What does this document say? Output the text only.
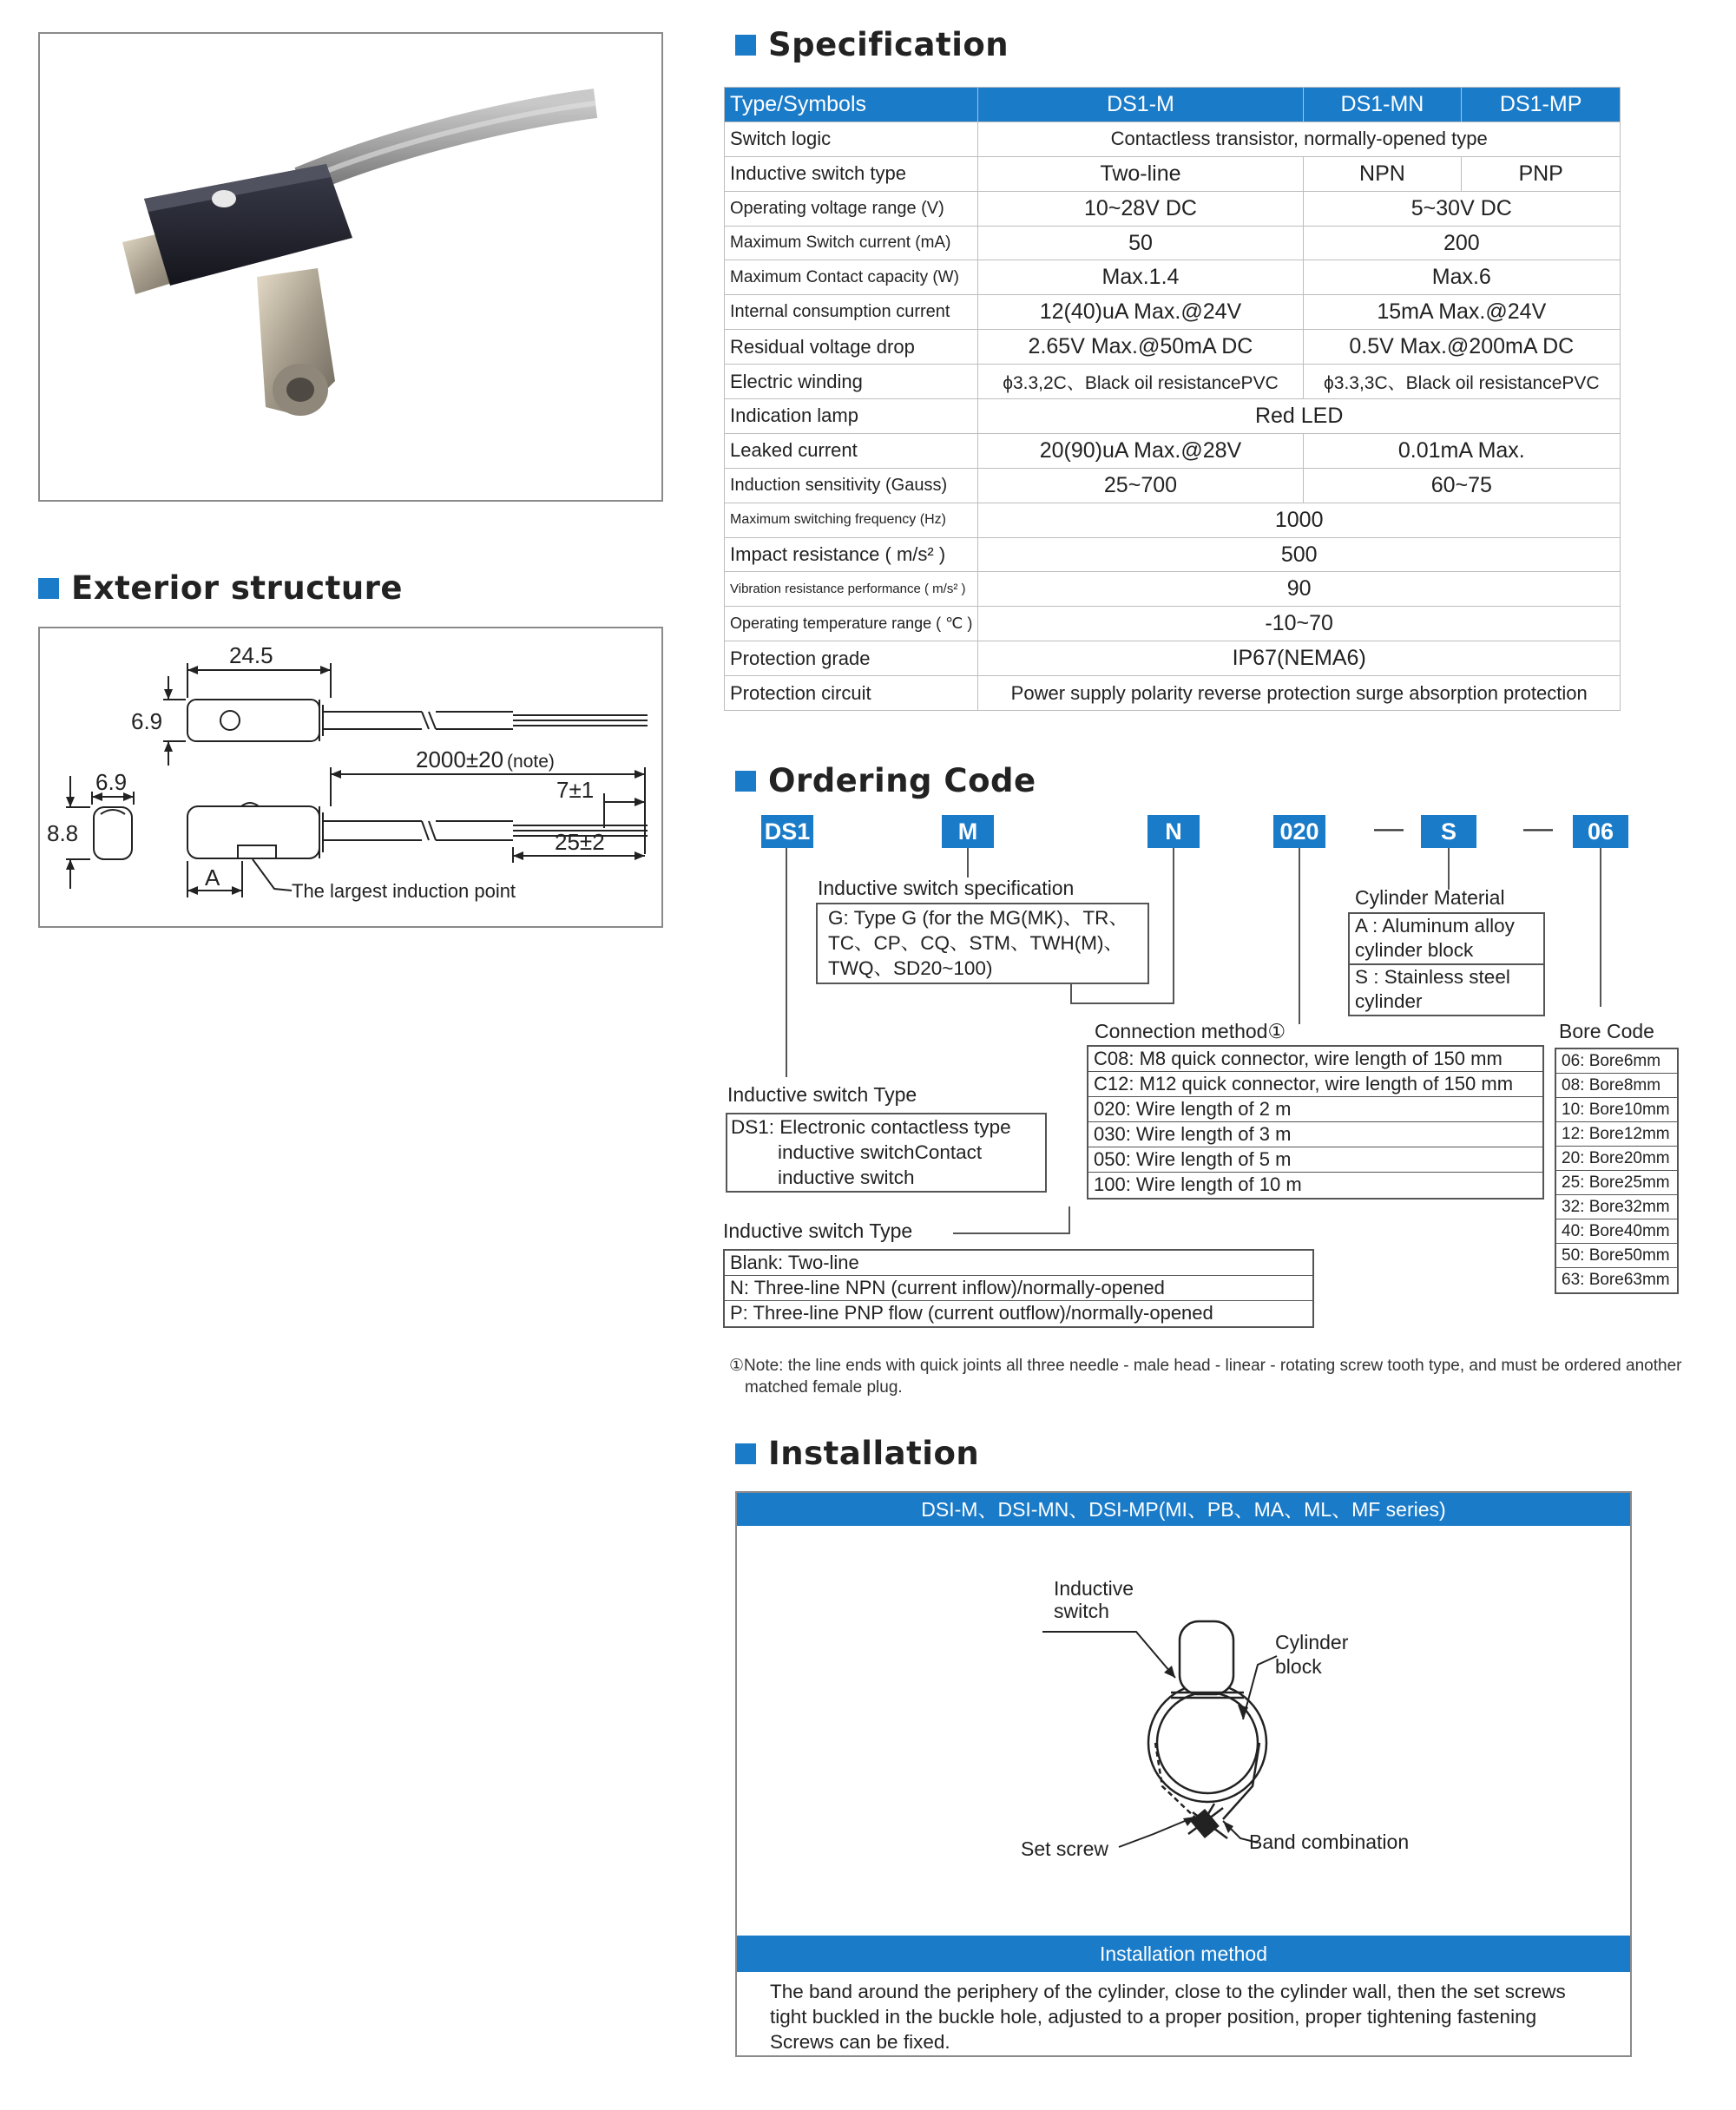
Exterior structure
24.5
6.9
6.9
8.8
2000±20 (note)
7±1
25±2
A
The largest induction point
Specification
Type/Symbols	DS1-M	DS1-MN	DS1-MP
Switch logic	Contactless transistor, normally-opened type		
Inductive switch type	Two-line	NPN	PNP
Operating voltage range (V)	10~28V DC	5~30V DC	
Maximum Switch current (mA)	50	200	
Maximum Contact capacity (W)	Max.1.4	Max.6	
Internal consumption current	12(40)uA Max.@24V	15mA Max.@24V	
Residual voltage drop	2.65V Max.@50mA DC	0.5V Max.@200mA DC	
Electric winding	ϕ3.3,2C、Black oil resistancePVC	ϕ3.3,3C、Black oil resistancePVC	
Indication lamp	Red LED		
Leaked current	20(90)uA Max.@28V	0.01mA Max.	
Induction sensitivity (Gauss)	25~700	60~75	
Maximum switching frequency (Hz)	1000		
Impact resistance ( m/s² )	500		
Vibration resistance performance ( m/s² )	90		
Operating temperature range ( ℃ )	-10~70		
Protection grade	IP67(NEMA6)		
Protection circuit	Power supply polarity reverse protection surge absorption protection		
Ordering Code
DS1	M	N	020 —	S	—	06
Inductive switch specification
G: Type G (for the MG(MK)、TR、TC、CP、CQ、STM、TWH(M)、TWQ、SD20~100)
Cylinder Material
A : Aluminum alloy cylinder block
S : Stainless steel cylinder
Connection method①
C08: M8 quick connector, wire length of 150 mm
C12: M12 quick connector, wire length of 150 mm
020: Wire length of 2 m
030: Wire length of 3 m
050: Wire length of 5 m
100: Wire length of 10 m
Bore Code
06: Bore6mm
08: Bore8mm
10: Bore10mm
12: Bore12mm
20: Bore20mm
25: Bore25mm
32: Bore32mm
40: Bore40mm
50: Bore50mm
63: Bore63mm
Inductive switch Type
DS1: Electronic contactless type inductive switchContact inductive switch
Inductive switch Type
Blank: Two-line
N: Three-line NPN (current inflow)/normally-opened
P: Three-line PNP flow (current outflow)/normally-opened
①Note: the line ends with quick joints all three needle - male head - linear - rotating screw tooth type, and must be ordered another matched female plug.
Installation
DSI-M、DSI-MN、DSI-MP(MI、PB、MA、ML、MF series)
Inductive switch
Cylinder block
Set screw	Band combination
Installation method
The band around the periphery of the cylinder, close to the cylinder wall, then the set screws tight buckled in the buckle hole, adjusted to a proper position, proper tightening fastening Screws can be fixed.
